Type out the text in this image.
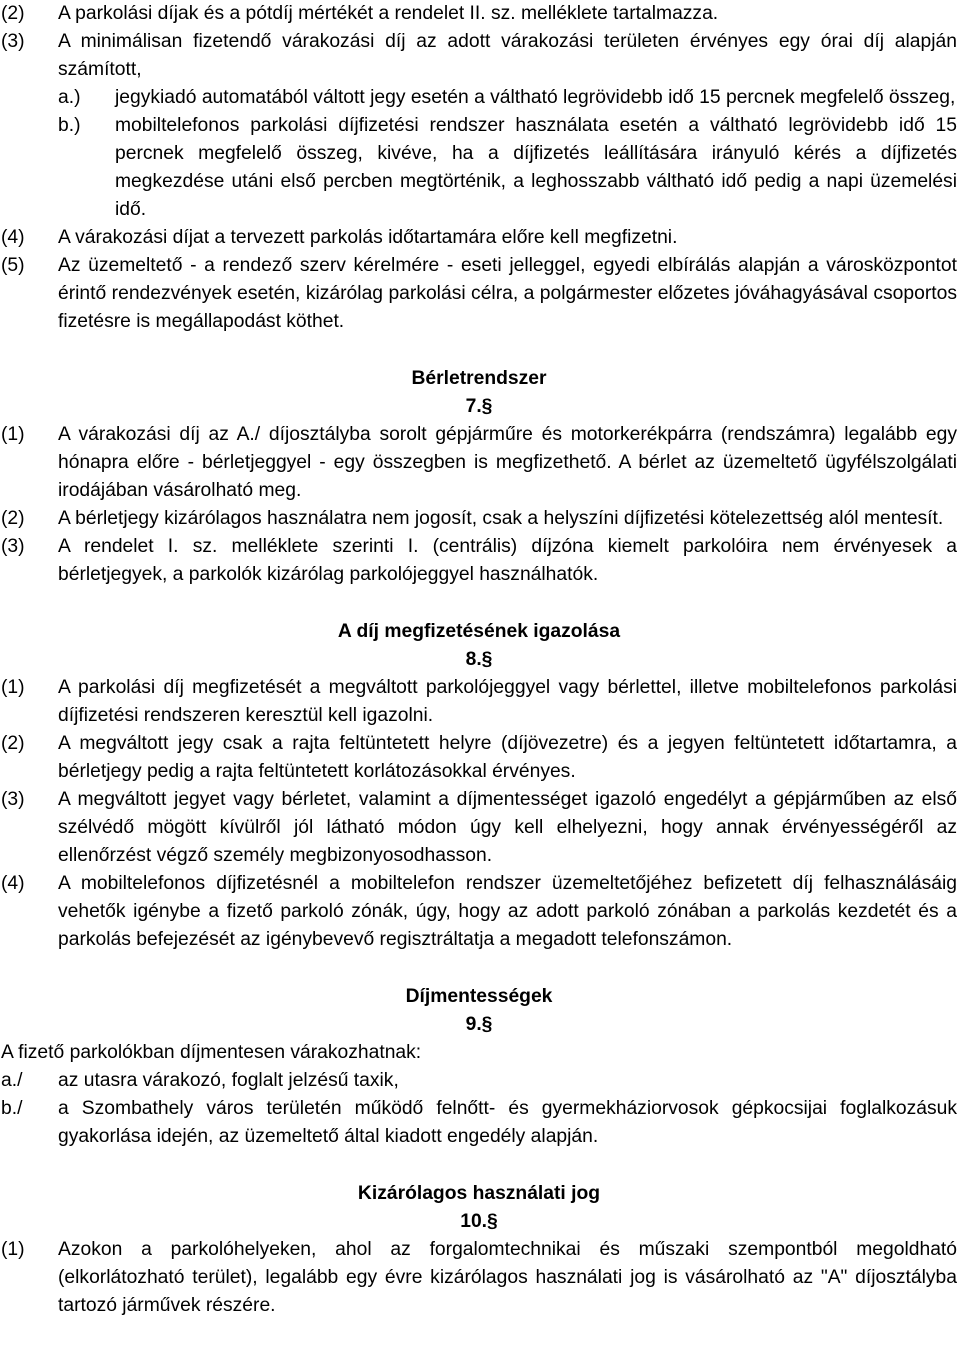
(2)	A parkolási díjak és a pótdíj mértékét a rendelet II. sz. melléklete tartalmazza.
(3)	A minimálisan fizetendő várakozási díj az adott várakozási területen érvényes egy órai díj alapján számított,
a.)	jegykiadó automatából váltott jegy esetén a váltható legrövidebb idő 15 percnek megfelelő összeg,
b.)	mobiltelefonos parkolási díjfizetési rendszer használata esetén a váltható legrövidebb idő 15 percnek megfelelő összeg, kivéve, ha a díjfizetés leállítására irányuló kérés a díjfizetés megkezdése utáni első percben megtörténik, a leghosszabb váltható idő pedig a napi üzemelési idő.
(4)	A várakozási díjat a tervezett parkolás időtartamára előre kell megfizetni.
(5)	Az üzemeltető - a rendező szerv kérelmére - eseti jelleggel, egyedi elbírálás alapján a városközpontot érintő rendezvények esetén, kizárólag parkolási célra, a polgármester előzetes jóváhagyásával csoportos fizetésre is megállapodást köthet.
Bérletrendszer
7.§
(1)	A várakozási díj az A./ díjosztályba sorolt gépjárműre és motorkerékpárra (rendszámra) legalább egy hónapra előre - bérletjeggyel - egy összegben is megfizethető. A bérlet az üzemeltető ügyfélszolgálati irodájában vásárolható meg.
(2)	A bérletjegy kizárólagos használatra nem jogosít, csak a helyszíni díjfizetési kötelezettség alól mentesít.
(3)	A rendelet I. sz. melléklete szerinti I. (centrális) díjzóna kiemelt parkolóira nem érvényesek a bérletjegyek, a parkolók kizárólag parkolójeggyel használhatók.
A díj megfizetésének igazolása
8.§
(1)	A parkolási díj megfizetését a megváltott parkolójeggyel vagy bérlettel, illetve mobiltelefonos parkolási díjfizetési rendszeren keresztül kell igazolni.
(2)	A megváltott jegy csak a rajta feltüntetett helyre (díjövezetre) és a jegyen feltüntetett időtartamra, a bérletjegy pedig a rajta feltüntetett korlátozásokkal érvényes.
(3)	A megváltott jegyet vagy bérletet, valamint a díjmentességet igazoló engedélyt a gépjárműben az első szélvédő mögött kívülről jól látható módon úgy kell elhelyezni, hogy annak érvényességéről az ellenőrzést végző személy megbizonyosodhasson.
(4)	A mobiltelefonos díjfizetésnél a mobiltelefon rendszer üzemeltetőjéhez befizetett díj felhasználásáig vehetők igénybe a fizető parkoló zónák, úgy, hogy az adott parkoló zónában a parkolás kezdetét és a parkolás befejezését az igénybevevő regisztráltatja a megadott telefonszámon.
Díjmentességek
9.§
A fizető parkolókban díjmentesen várakozhatnak:
a./	az utasra várakozó, foglalt jelzésű taxik,
b./	a Szombathely város területén működő felnőtt- és gyermekháziorvosok gépkocsijai foglalkozásuk gyakorlása idején, az üzemeltető által kiadott engedély alapján.
Kizárólagos használati jog
10.§
(1)	Azokon a parkolóhelyeken, ahol az forgalomtechnikai és műszaki szempontból megoldható (elkorlátozható terület), legalább egy évre kizárólagos használati jog is vásárolható az "A" díjosztályba tartozó járművek részére.
